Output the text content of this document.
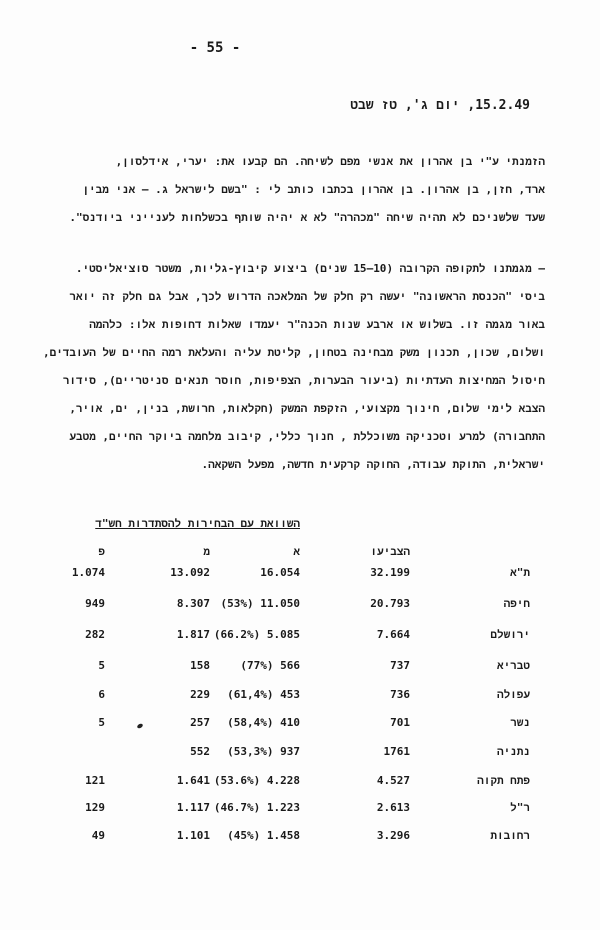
- 55 -
15.2.49, יום ג', טז שבט
הזמנתי ע"י בן אהרון את אנשי מפם לשיחה. הם קבעו את: יערי, אידלסון,
ארד, חזן, בן אהרון. בן אהרון בכתבו כותב לי : "בשם לישראל ג. – אני מבין
שעד שלשניכם לא תהיה שיחה "מכהרה" לא א יהיה שותף בכשלחות לענייני ביודנס".
– מגמתנו לתקופה הקרובה (10–15 שנים) ביצוע קיבוץ-גליות, משטר סוציאליסטי.
ביסי "הכנסת הראשונה" יעשה רק חלק של המלאכה הדרוש לכך, אבל גם חלק זה יואר
באור מגמה זו. בשלוש או ארבע שנות הכנה"ר יעמדו שאלות דחופות אלו: כלהמה
ושלום, שכון, תכנון משק מבחינה בטחון, קליטת עליה והעלאת רמה החיים של העובדים,
חיסול המחיצות העדתיות (ביעור הבערות, הצפיפות, חוסר תנאים סניטריים), סידור
הצבא לימי שלום, חינוך מקצועי, הזקפת המשק (חקלאות, חרושת, בנין, ים, אויר,
התחבורה) למרע וטכניקה משוכללת , חנוך כללי, קיבוב מלחמה ביוקר החיים, מטבע
ישראלית, התוקת עבודה, החוקה קרקעית חדשה, מפעל השקאה.
השוואת עם הבחירות להסתדרות חש"ד
הצביעו
א
מ
פ
ת"א
32.199
16.054
13.092
1.074
חיפה
20.793
(53%) 11.050
8.307
949
ירושלם
7.664
(66.2%) 5.085
1.817
282
טבריא
737
(77%) 566
158
5
עפולה
736
(61,4%) 453
229
6
נשר
701
(58,4%) 410
257
5
נתניה
1761
(53,3%) 937
552
פתח תקוה
4.527
(53.6%) 4.228
1.641
121
ר"ל
2.613
(46.7%) 1.223
1.117
129
רחובות
3.296
(45%) 1.458
1.101
49
